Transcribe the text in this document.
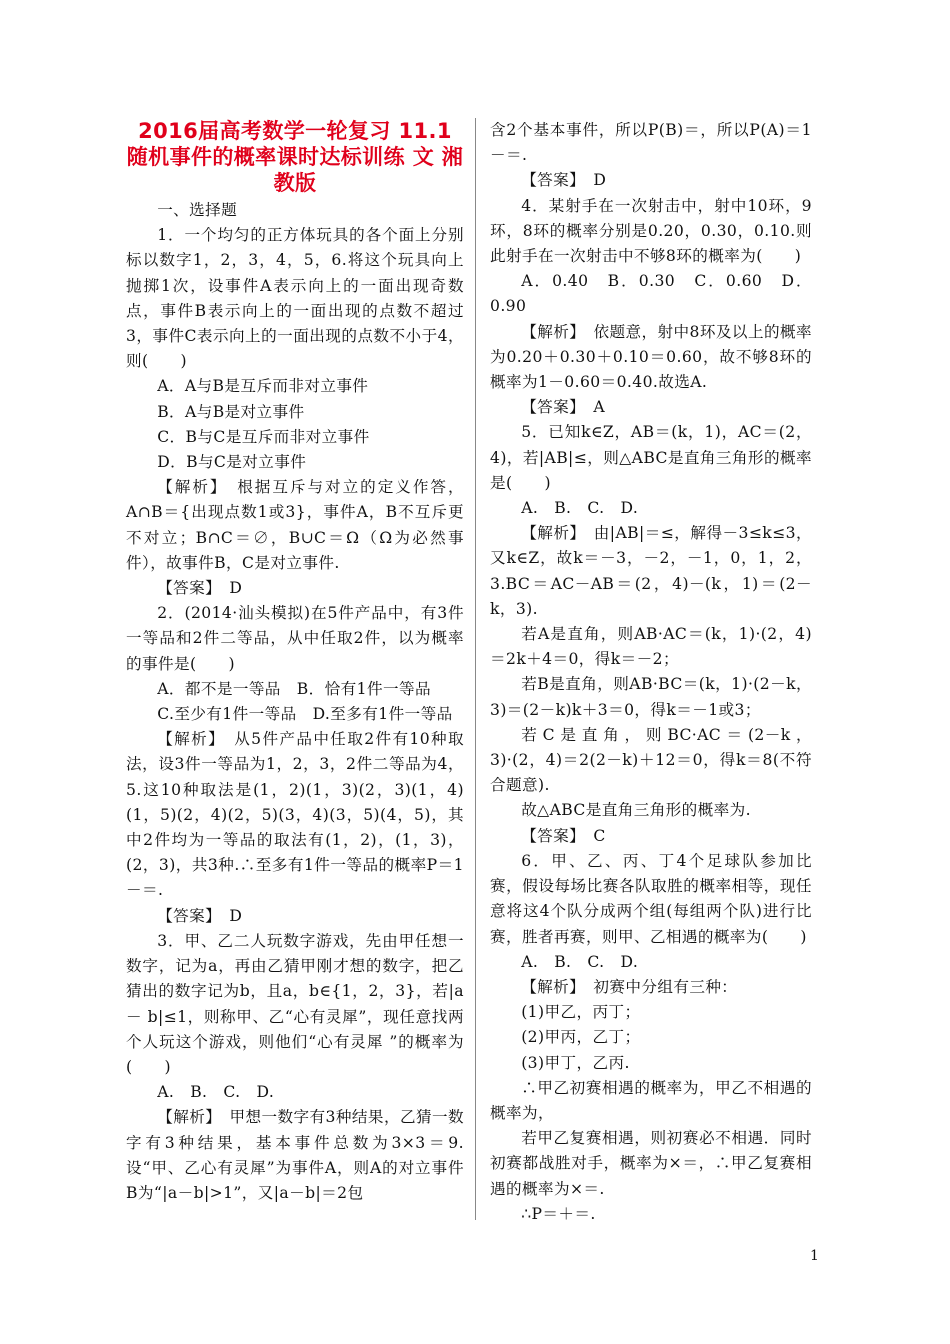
2016届高考数学一轮复习 11.1 随机事件的概率课时达标训练 文 湘教版

一、选择题

1．一个均匀的正方体玩具的各个面上分别标以数字1，2，3，4，5，6.将这个玩具向上抛掷1次，设事件A表示向上的一面出现奇数点，事件B表示向上的一面出现的点数不超过3，事件C表示向上的一面出现的点数不小于4，则(　　)

A．A与B是互斥而非对立事件

B．A与B是对立事件

C．B与C是互斥而非对立事件

D．B与C是对立事件

【解析】　根据互斥与对立的定义作答，A∩B＝{出现点数1或3}，事件A，B不互斥更不对立；B∩C＝∅，B∪C＝Ω（Ω为必然事件），故事件B，C是对立事件.

【答案】　D

2．(2014·汕头模拟)在5件产品中，有3件一等品和2件二等品，从中任取2件，以为概率的事件是(　　)

A．都不是一等品　B．恰有1件一等品

C.至少有1件一等品　D.至多有1件一等品

【解析】　从5件产品中任取2件有10种取法，设3件一等品为1，2，3，2件二等品为4，5.这10种取法是(1，2)(1，3)(2，3)(1，4)(1，5)(2，4)(2，5)(3，4)(3，5)(4，5)，其中2件均为一等品的取法有(1，2)，(1，3)，(2，3)，共3种.∴至多有1件一等品的概率P＝1－＝.

【答案】　D

3．甲、乙二人玩数字游戏，先由甲任想一数字，记为a，再由乙猜甲刚才想的数字，把乙猜出的数字记为b，且a，b∈{1，2，3}，若|a－ b|≤1，则称甲、乙“心有灵犀”，现任意找两个人玩这个游戏，则他们“心有灵犀 ”的概率为(　　)

A.　B.　C.　D.

【解析】　甲想一数字有3种结果，乙猜一数字有3种结果，基本事件总数为3×3＝9.设“甲、乙心有灵犀”为事件A，则A的对立事件B为“|a－b|>1”，又|a－b|＝2包

含2个基本事件，所以P(B)＝，所以P(A)＝1－＝.

【答案】　D

4．某射手在一次射击中，射中10环，9环，8环的概率分别是0.20，0.30，0.10.则此射手在一次射击中不够8环的概率为(　　)

A．0.40　B．0.30　C．0.60　D．0.90

【解析】　依题意，射中8环及以上的概率为0.20＋0.30＋0.10＝0.60，故不够8环的概率为1－0.60＝0.40.故选A.

【答案】　A

5．已知k∈Z，AB＝(k，1)，AC＝(2，4)，若|AB|≤，则△ABC是直角三角形的概率是(　　)

A.　B.　C.　D.

【解析】　由|AB|＝≤，解得－3≤k≤3，又k∈Z，故k＝－3，－2，－1，0，1，2，3.BC＝AC－AB＝(2，4)－(k，1)＝(2－k，3).

若A是直角，则AB·AC＝(k，1)·(2，4)＝2k＋4＝0，得k＝－2；

若B是直角，则AB·BC＝(k，1)·(2－k，3)＝(2－k)k＋3＝0，得k＝－1或3；

若C是直角，则BC·AC＝(2－k，3)·(2，4)＝2(2－k)＋12＝0，得k＝8(不符合题意).

故△ABC是直角三角形的概率为.

【答案】　C

6．甲、乙、丙、丁4个足球队参加比赛，假设每场比赛各队取胜的概率相等，现任意将这4个队分成两个组(每组两个队)进行比赛，胜者再赛，则甲、乙相遇的概率为(　　)

A.　B.　C.　D.

【解析】　初赛中分组有三种：

(1)甲乙，丙丁；

(2)甲丙，乙丁；

(3)甲丁，乙丙.

∴甲乙初赛相遇的概率为，甲乙不相遇的概率为，

若甲乙复赛相遇，则初赛必不相遇．同时初赛都战胜对手，概率为×＝，∴甲乙复赛相遇的概率为×＝.

∴P＝＋＝.

1
